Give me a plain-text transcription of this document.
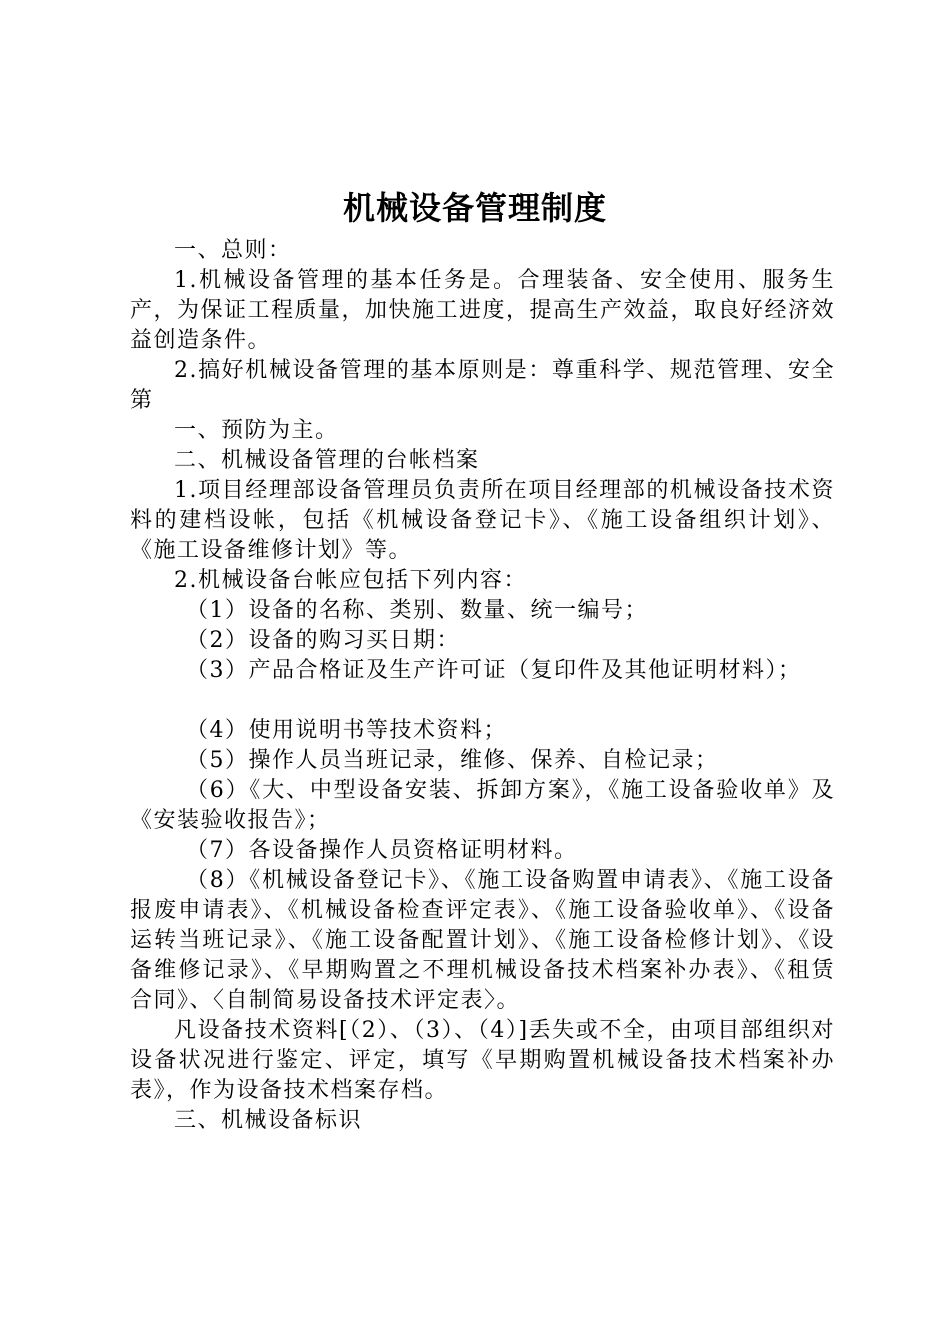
机械设备管理制度

一、总则：

1.机械设备管理的基本任务是。合理装备、安全使用、服务生产，为保证工程质量，加快施工进度，提高生产效益，取良好经济效益创造条件。

2.搞好机械设备管理的基本原则是：尊重科学、规范管理、安全第

一、预防为主。

二、机械设备管理的台帐档案

1.项目经理部设备管理员负责所在项目经理部的机械设备技术资料的建档设帐，包括《机械设备登记卡》、《施工设备组织计划》、《施工设备维修计划》等。

2.机械设备台帐应包括下列内容：

（1）设备的名称、类别、数量、统一编号；

（2）设备的购习买日期：

（3）产品合格证及生产许可证（复印件及其他证明材料）；

（4）使用说明书等技术资料；

（5）操作人员当班记录，维修、保养、自检记录；

（6）《大、中型设备安装、拆卸方案》，《施工设备验收单》及《安装验收报告》；

（7）各设备操作人员资格证明材料。

（8）《机械设备登记卡》、《施工设备购置申请表》、《施工设备报废申请表》、《机械设备检查评定表》、《施工设备验收单》、《设备运转当班记录》、《施工设备配置计划》、《施工设备检修计划》、《设备维修记录》、《早期购置之不理机械设备技术档案补办表》、《租赁合同》、〈自制简易设备技术评定表〉。

凡设备技术资料[（2）、（3）、（4）]丢失或不全，由项目部组织对设备状况进行鉴定、评定，填写《早期购置机械设备技术档案补办表》，作为设备技术档案存档。

三、机械设备标识
